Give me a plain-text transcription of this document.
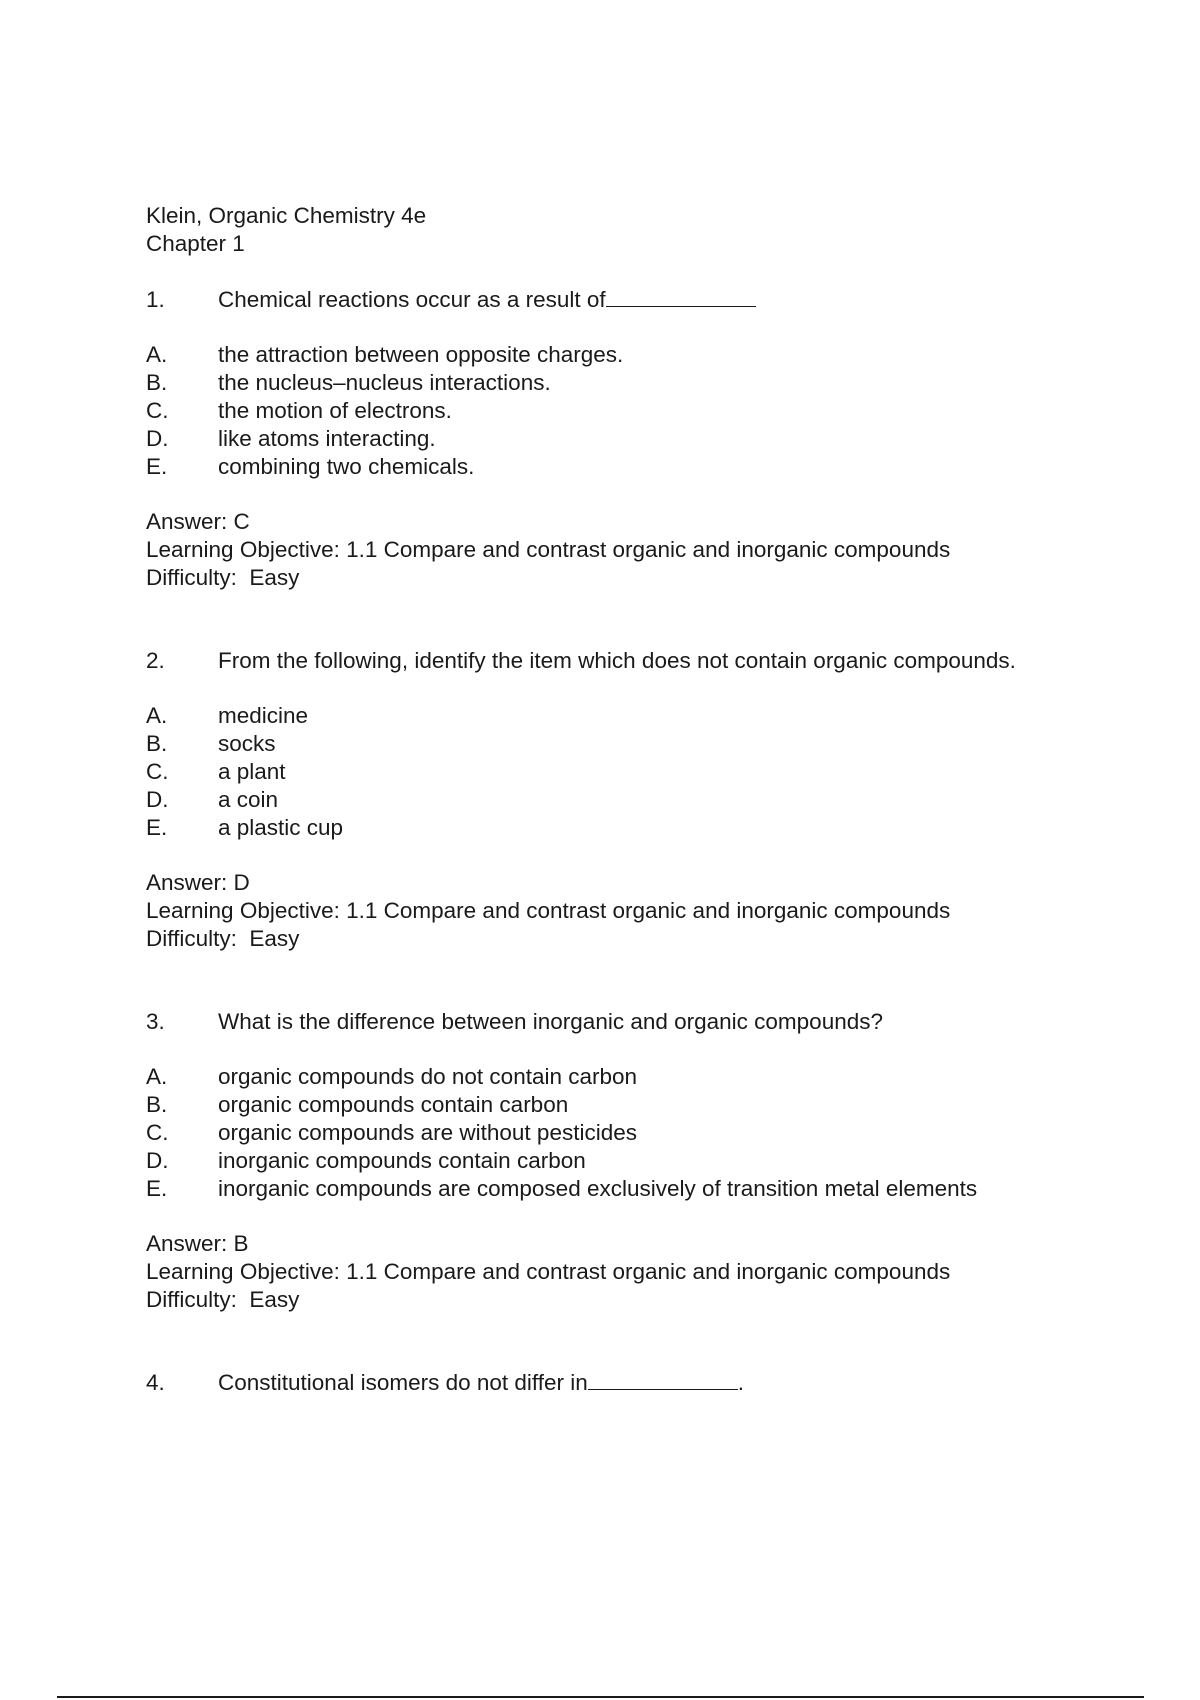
Klein, Organic Chemistry 4e
Chapter 1
1.	Chemical reactions occur as a result of
A.	the attraction between opposite charges.
B.	the nucleus–nucleus interactions.
C.	the motion of electrons.
D.	like atoms interacting.
E.	combining two chemicals.
Answer: C
Learning Objective: 1.1 Compare and contrast organic and inorganic compounds
Difficulty:  Easy
2.	From the following, identify the item which does not contain organic compounds.
A.	medicine
B.	socks
C.	a plant
D.	a coin
E.	a plastic cup
Answer: D
Learning Objective: 1.1 Compare and contrast organic and inorganic compounds
Difficulty:  Easy
3.	What is the difference between inorganic and organic compounds?
A.	organic compounds do not contain carbon
B.	organic compounds contain carbon
C.	organic compounds are without pesticides
D.	inorganic compounds contain carbon
E.	inorganic compounds are composed exclusively of transition metal elements
Answer: B
Learning Objective: 1.1 Compare and contrast organic and inorganic compounds
Difficulty:  Easy
4.	Constitutional isomers do not differ in	.
